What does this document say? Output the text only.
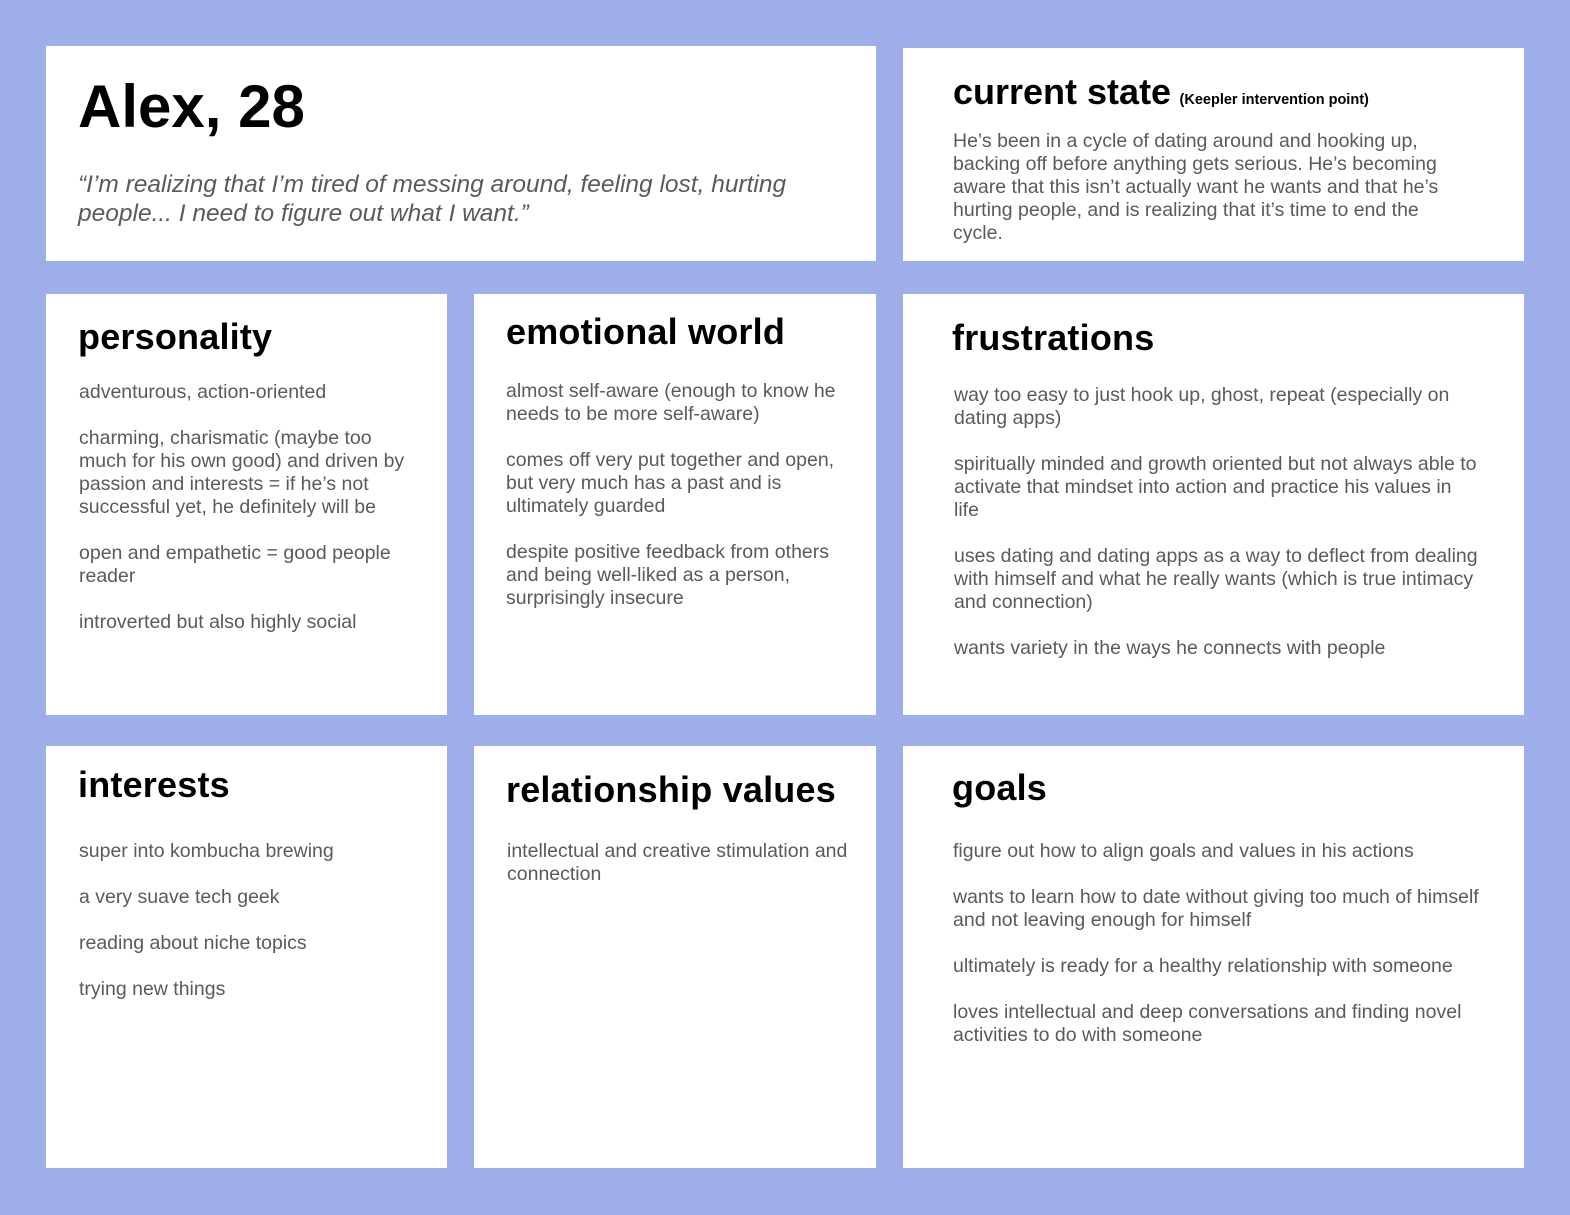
Alex, 28

“I’m realizing that I’m tired of messing around, feeling lost, hurting people... I need to figure out what I want.”

current state (Keepler intervention point)

He’s been in a cycle of dating around and hooking up, backing off before anything gets serious. He’s becoming aware that this isn’t actually want he wants and that he’s hurting people, and is realizing that it’s time to end the cycle.

personality
adventurous, action-oriented
charming, charismatic (maybe too much for his own good) and driven by passion and interests = if he’s not successful yet, he definitely will be
open and empathetic = good people reader
introverted but also highly social
emotional world
almost self-aware (enough to know he needs to be more self-aware)
comes off very put together and open, but very much has a past and is ultimately guarded
despite positive feedback from others and being well-liked as a person, surprisingly insecure
frustrations
way too easy to just hook up, ghost, repeat (especially on dating apps)
spiritually minded and growth oriented but not always able to activate that mindset into action and practice his values in life
uses dating and dating apps as a way to deflect from dealing with himself and what he really wants (which is true intimacy and connection)
wants variety in the ways he connects with people
interests
super into kombucha brewing
a very suave tech geek
reading about niche topics
trying new things
relationship values
intellectual and creative stimulation and connection
goals
figure out how to align goals and values in his actions
wants to learn how to date without giving too much of himself and not leaving enough for himself
ultimately is ready for a healthy relationship with someone
loves intellectual and deep conversations and finding novel activities to do with someone
